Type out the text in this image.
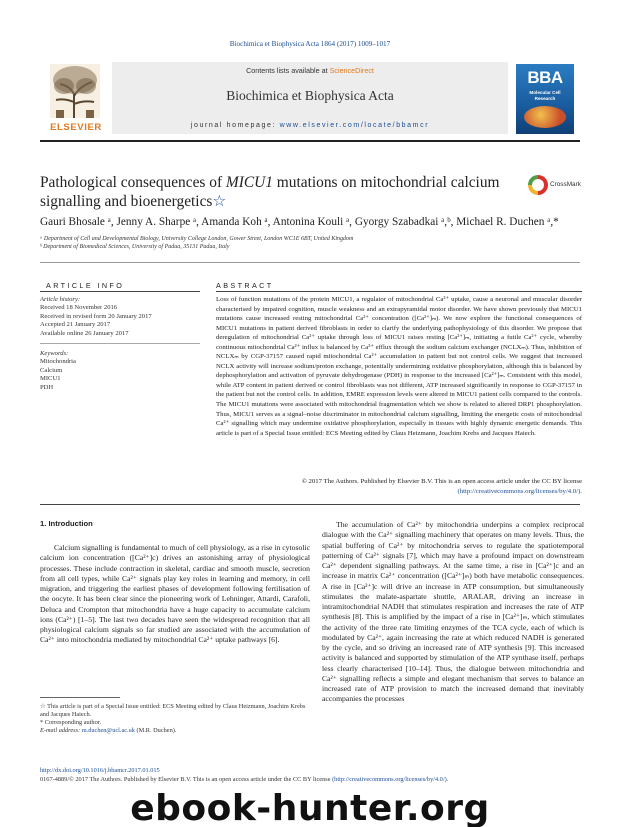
Biochimica et Biophysica Acta 1864 (2017) 1009–1017
ELSEVIER
Contents lists available at ScienceDirect
Biochimica et Biophysica Acta
journal homepage: www.elsevier.com/locate/bbamcr
BBA
Molecular Cell Research
Pathological consequences of MICU1 mutations on mitochondrial calcium signalling and bioenergetics☆
CrossMark
Gauri Bhosale ᵃ, Jenny A. Sharpe ᵃ, Amanda Koh ᵃ, Antonina Kouli ᵃ, Gyorgy Szabadkai ᵃ,ᵇ, Michael R. Duchen ᵃ,*
ᵃ Department of Cell and Developmental Biology, University College London, Gower Street, London WC1E 6BT, United Kingdom
ᵇ Department of Biomedical Sciences, University of Padua, 35131 Padua, Italy
ARTICLE INFO	ABSTRACT
Article history:
Received 18 November 2016
Received in revised form 20 January 2017
Accepted 21 January 2017
Available online 26 January 2017
Keywords:
Mitochondria
Calcium
MICU1
PDH
Loss of function mutations of the protein MICU1, a regulator of mitochondrial Ca²⁺ uptake, cause a neuronal and muscular disorder characterised by impaired cognition, muscle weakness and an extrapyramidal motor disorder. We have shown previously that MICU1 mutations cause increased resting mitochondrial Ca²⁺ concentration ([Ca²⁺]ₘ). We now explore the functional consequences of MICU1 mutations in patient derived fibroblasts in order to clarify the underlying pathophysiology of this disorder. We propose that deregulation of mitochondrial Ca²⁺ uptake through loss of MICU1 raises resting [Ca²⁺]ₘ, initiating a futile Ca²⁺ cycle, whereby continuous mitochondrial Ca²⁺ influx is balanced by Ca²⁺ efflux through the sodium calcium exchanger (NCLXₘ). Thus, inhibition of NCLXₘ by CGP-37157 caused rapid mitochondrial Ca²⁺ accumulation in patient but not control cells. We suggest that increased NCLX activity will increase sodium/proton exchange, potentially undermining oxidative phosphorylation, although this is balanced by dephosphorylation and activation of pyruvate dehydrogenase (PDH) in response to the increased [Ca²⁺]ₘ. Consistent with this model, while ATP content in patient derived or control fibroblasts was not different, ATP increased significantly in response to CGP-37157 in the patient but not the control cells. In addition, EMRE expression levels were altered in MICU1 patient cells compared to the controls. The MICU1 mutations were associated with mitochondrial fragmentation which we show is related to altered DRP1 phosphorylation. Thus, MICU1 serves as a signal–noise discriminator in mitochondrial calcium signalling, limiting the energetic costs of mitochondrial Ca²⁺ signalling which may undermine oxidative phosphorylation, especially in tissues with highly dynamic energetic demands. This article is part of a Special Issue entitled: ECS Meeting edited by Claus Heizmann, Joachim Krebs and Jacques Haiech.
© 2017 The Authors. Published by Elsevier B.V. This is an open access article under the CC BY license
(http://creativecommons.org/licenses/by/4.0/).
1. Introduction
Calcium signalling is fundamental to much of cell physiology, as a rise in cytosolic calcium ion concentration ([Ca²⁺]c) drives an astonishing array of physiological processes. These include contraction in skeletal, cardiac and smooth muscle, secretion from all cell types, while Ca²⁺ signals play key roles in learning and memory, in cell migration, and triggering the earliest phases of development following fertilisation of the oocyte. It has been clear since the pioneering work of Lehninger, Attardi, Carafoli, Deluca and Crompton that mitochondria have a huge capacity to accumulate calcium ions (Ca²⁺) [1–5]. The last two decades have seen the widespread recognition that all physiological calcium signals so far studied are associated with the accumulation of Ca²⁺ into mitochondria mediated by mitochondrial Ca²⁺ uptake pathways [6].
The accumulation of Ca²⁺ by mitochondria underpins a complex reciprocal dialogue with the Ca²⁺ signalling machinery that operates on many levels. Thus, the spatial buffering of Ca²⁺ by mitochondria serves to regulate the spatiotemporal patterning of Ca²⁺ signals [7], which may have a profound impact on downstream Ca²⁺ dependent signalling pathways. At the same time, a rise in [Ca²⁺]c and an increase in matrix Ca²⁺ concentration ([Ca²⁺]ₘ) both have metabolic consequences. A rise in [Ca²⁺]c will drive an increase in ATP consumption, but simultaneously stimulates the malate-aspartate shuttle, ARALAR, driving an increase in intramitochondrial NADH that stimulates respiration and increases the rate of ATP synthesis [8]. This is amplified by the impact of a rise in [Ca²⁺]ₘ, which stimulates the activity of the three rate limiting enzymes of the TCA cycle, each of which is modulated by Ca²⁺, again increasing the rate at which reduced NADH is generated by the cycle, and so driving an increased rate of ATP synthesis [9]. This increased activity is balanced and supported by stimulation of the ATP synthase itself, perhaps less clearly characterised [10–14]. Thus, the dialogue between mitochondria and Ca²⁺ signalling reflects a simple and elegant mechanism that serves to balance an increased rate of ATP provision to match the increased demand that inevitably accompanies the processes
☆ This article is part of a Special Issue entitled: ECS Meeting edited by Claus Heizmann, Joachim Krebs and Jacques Haiech.
* Corresponding author.
E-mail address: m.duchen@ucl.ac.uk (M.R. Duchen).
http://dx.doi.org/10.1016/j.bbamcr.2017.01.015
0167-4889/© 2017 The Authors. Published by Elsevier B.V. This is an open access article under the CC BY license (http://creativecommons.org/licenses/by/4.0/).
ebook-hunter.org
